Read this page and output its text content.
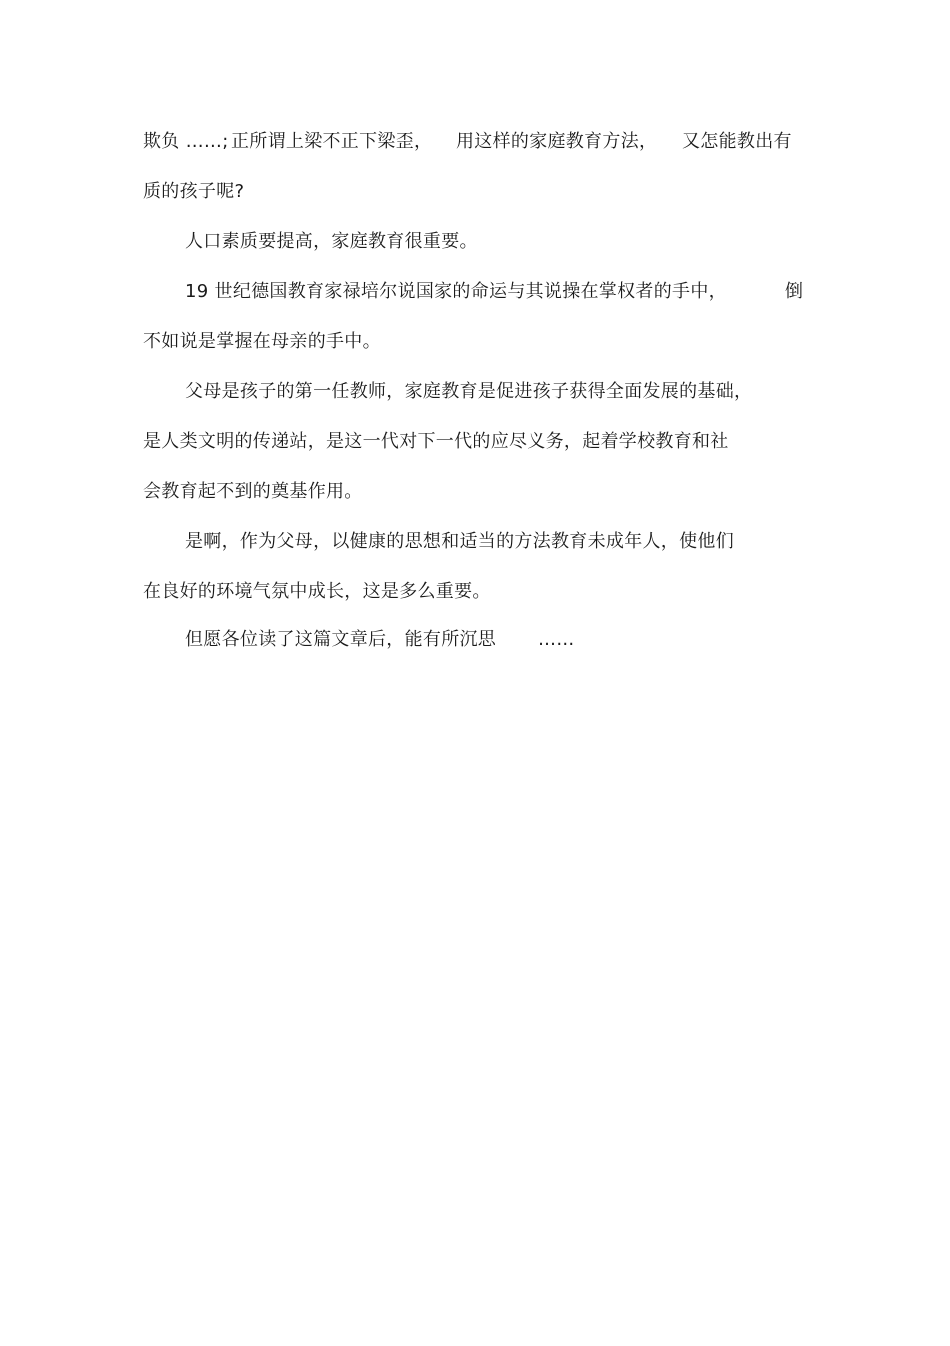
欺负 ……;

正所谓上梁不正下梁歪，

用这样的家庭教育方法，

又怎能教出有

质的孩子呢?

人口素质要提高，家庭教育很重要。

19 世纪德国教育家禄培尔说国家的命运与其说操在掌权者的手中，

	倒

不如说是掌握在母亲的手中。

父母是孩子的第一任教师，家庭教育是促进孩子获得全面发展的基础，

是人类文明的传递站，是这一代对下一代的应尽义务，起着学校教育和社

会教育起不到的奠基作用。

是啊，作为父母，以健康的思想和适当的方法教育未成年人，使他们

在良好的环境气氛中成长，这是多么重要。

但愿各位读了这篇文章后，能有所沉思

……
